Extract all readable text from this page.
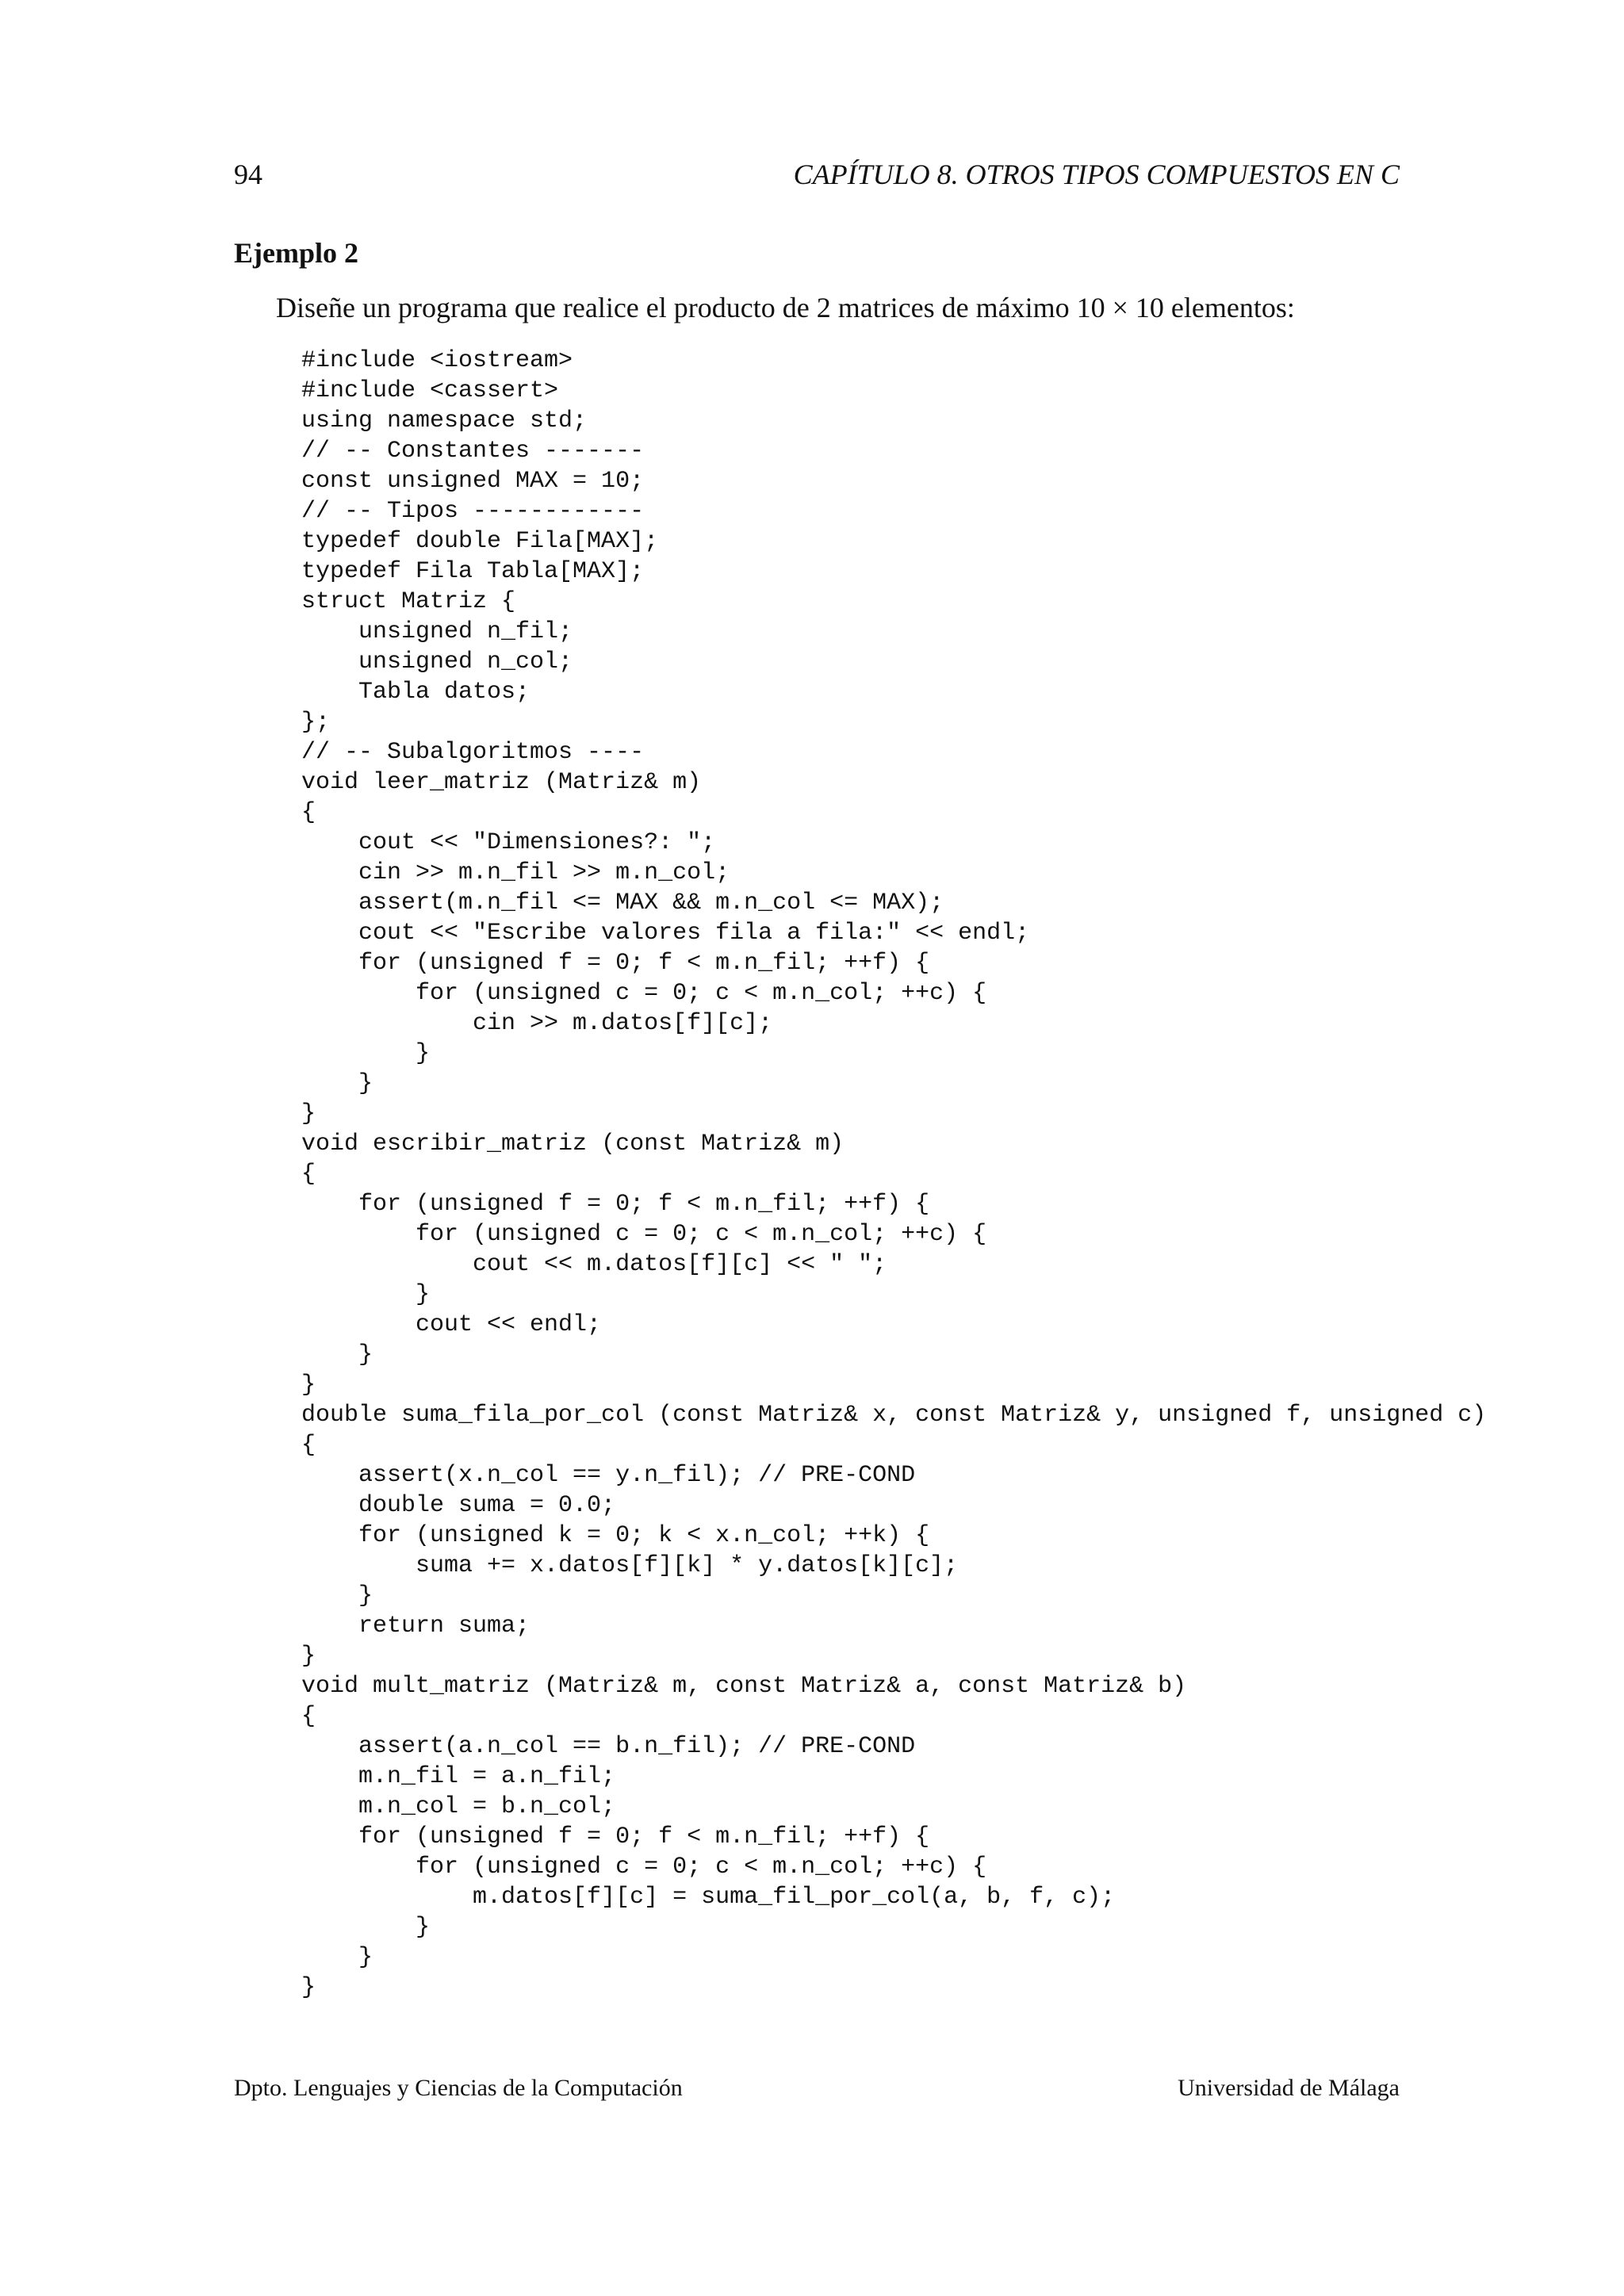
94	CAPÍTULO 8. OTROS TIPOS COMPUESTOS EN C
Ejemplo 2
Diseñe un programa que realice el producto de 2 matrices de máximo 10 × 10 elementos:
#include <iostream>
#include <cassert>
using namespace std;
// -- Constantes -------
const unsigned MAX = 10;
// -- Tipos ------------
typedef double Fila[MAX];
typedef Fila Tabla[MAX];
struct Matriz {
unsigned n_fil;
unsigned n_col;
Tabla datos;
};
// -- Subalgoritmos ----
void leer_matriz (Matriz& m)
{
cout << "Dimensiones?: ";
cin >> m.n_fil >> m.n_col;
assert(m.n_fil <= MAX && m.n_col <= MAX);
cout << "Escribe valores fila a fila:" << endl;
for (unsigned f = 0; f < m.n_fil; ++f) {
for (unsigned c = 0; c < m.n_col; ++c) {
cin >> m.datos[f][c];
}
}
}
void escribir_matriz (const Matriz& m)
{
for (unsigned f = 0; f < m.n_fil; ++f) {
for (unsigned c = 0; c < m.n_col; ++c) {
cout << m.datos[f][c] << " ";
}
cout << endl;
}
}
double suma_fila_por_col (const Matriz& x, const Matriz& y, unsigned f, unsigned c)
{
assert(x.n_col == y.n_fil); // PRE-COND
double suma = 0.0;
for (unsigned k = 0; k < x.n_col; ++k) {
suma += x.datos[f][k] * y.datos[k][c];
}
return suma;
}
void mult_matriz (Matriz& m, const Matriz& a, const Matriz& b)
{
assert(a.n_col == b.n_fil); // PRE-COND
m.n_fil = a.n_fil;
m.n_col = b.n_col;
for (unsigned f = 0; f < m.n_fil; ++f) {
for (unsigned c = 0; c < m.n_col; ++c) {
m.datos[f][c] = suma_fil_por_col(a, b, f, c);
}
}
}

Dpto. Lenguajes y Ciencias de la Computación	Universidad de Málaga
